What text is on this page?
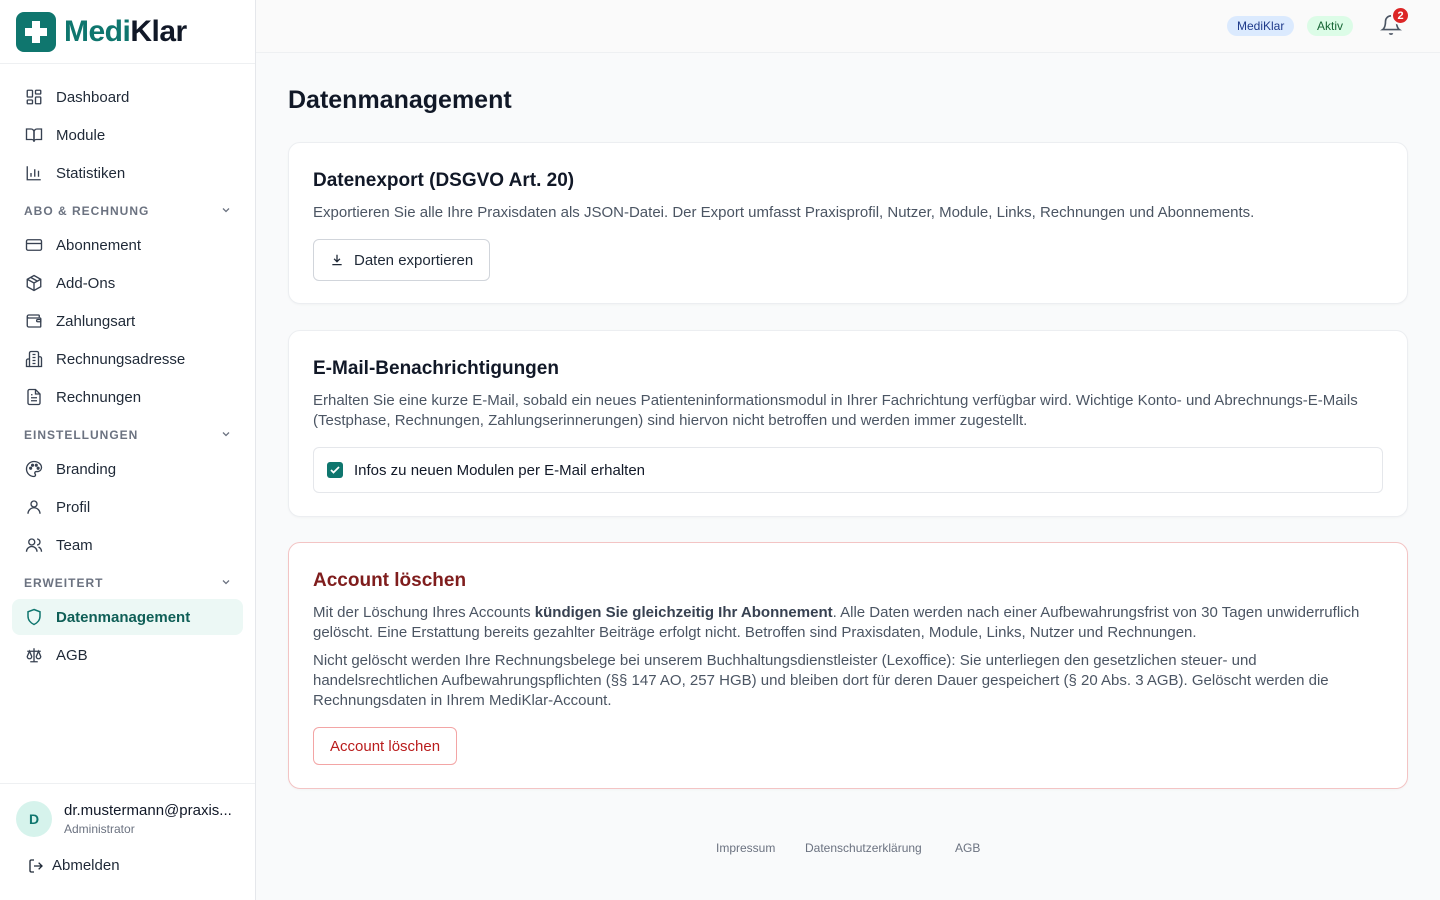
MediKlar
Dashboard
Module
Statistiken
ABO & RECHNUNG
Abonnement
Add-Ons
Zahlungsart
Rechnungsadresse
Rechnungen
EINSTELLUNGEN
Branding
Profil
Team
ERWEITERT
Datenmanagement
AGB
D	dr.mustermann@praxis...
Administrator
Abmelden
MediKlar	Aktiv
2
Datenmanagement
Datenexport (DSGVO Art. 20)

Exportieren Sie alle Ihre Praxisdaten als JSON-Datei. Der Export umfasst Praxisprofil, Nutzer, Module, Links, Rechnungen und Abonnements.

Daten exportieren
E-Mail-Benachrichtigungen

Erhalten Sie eine kurze E-Mail, sobald ein neues Patienteninformationsmodul in Ihrer Fachrichtung verfügbar wird. Wichtige Konto- und Abrechnungs-E-Mails (Testphase, Rechnungen, Zahlungserinnerungen) sind hiervon nicht betroffen und werden immer zugestellt.

Infos zu neuen Modulen per E-Mail erhalten
Account löschen

Mit der Löschung Ihres Accounts kündigen Sie gleichzeitig Ihr Abonnement. Alle Daten werden nach einer Aufbewahrungsfrist von 30 Tagen unwiderruflich gelöscht. Eine Erstattung bereits gezahlter Beiträge erfolgt nicht. Betroffen sind Praxisdaten, Module, Links, Nutzer und Rechnungen.

Nicht gelöscht werden Ihre Rechnungsbelege bei unserem Buchhaltungsdienstleister (Lexoffice): Sie unterliegen den gesetzlichen steuer- und handelsrechtlichen Aufbewahrungspflichten (§§ 147 AO, 257 HGB) und bleiben dort für deren Dauer gespeichert (§ 20 Abs. 3 AGB). Gelöscht werden die Rechnungsdaten in Ihrem MediKlar-Account.

Account löschen
Impressum Datenschutzerklärung	AGB
